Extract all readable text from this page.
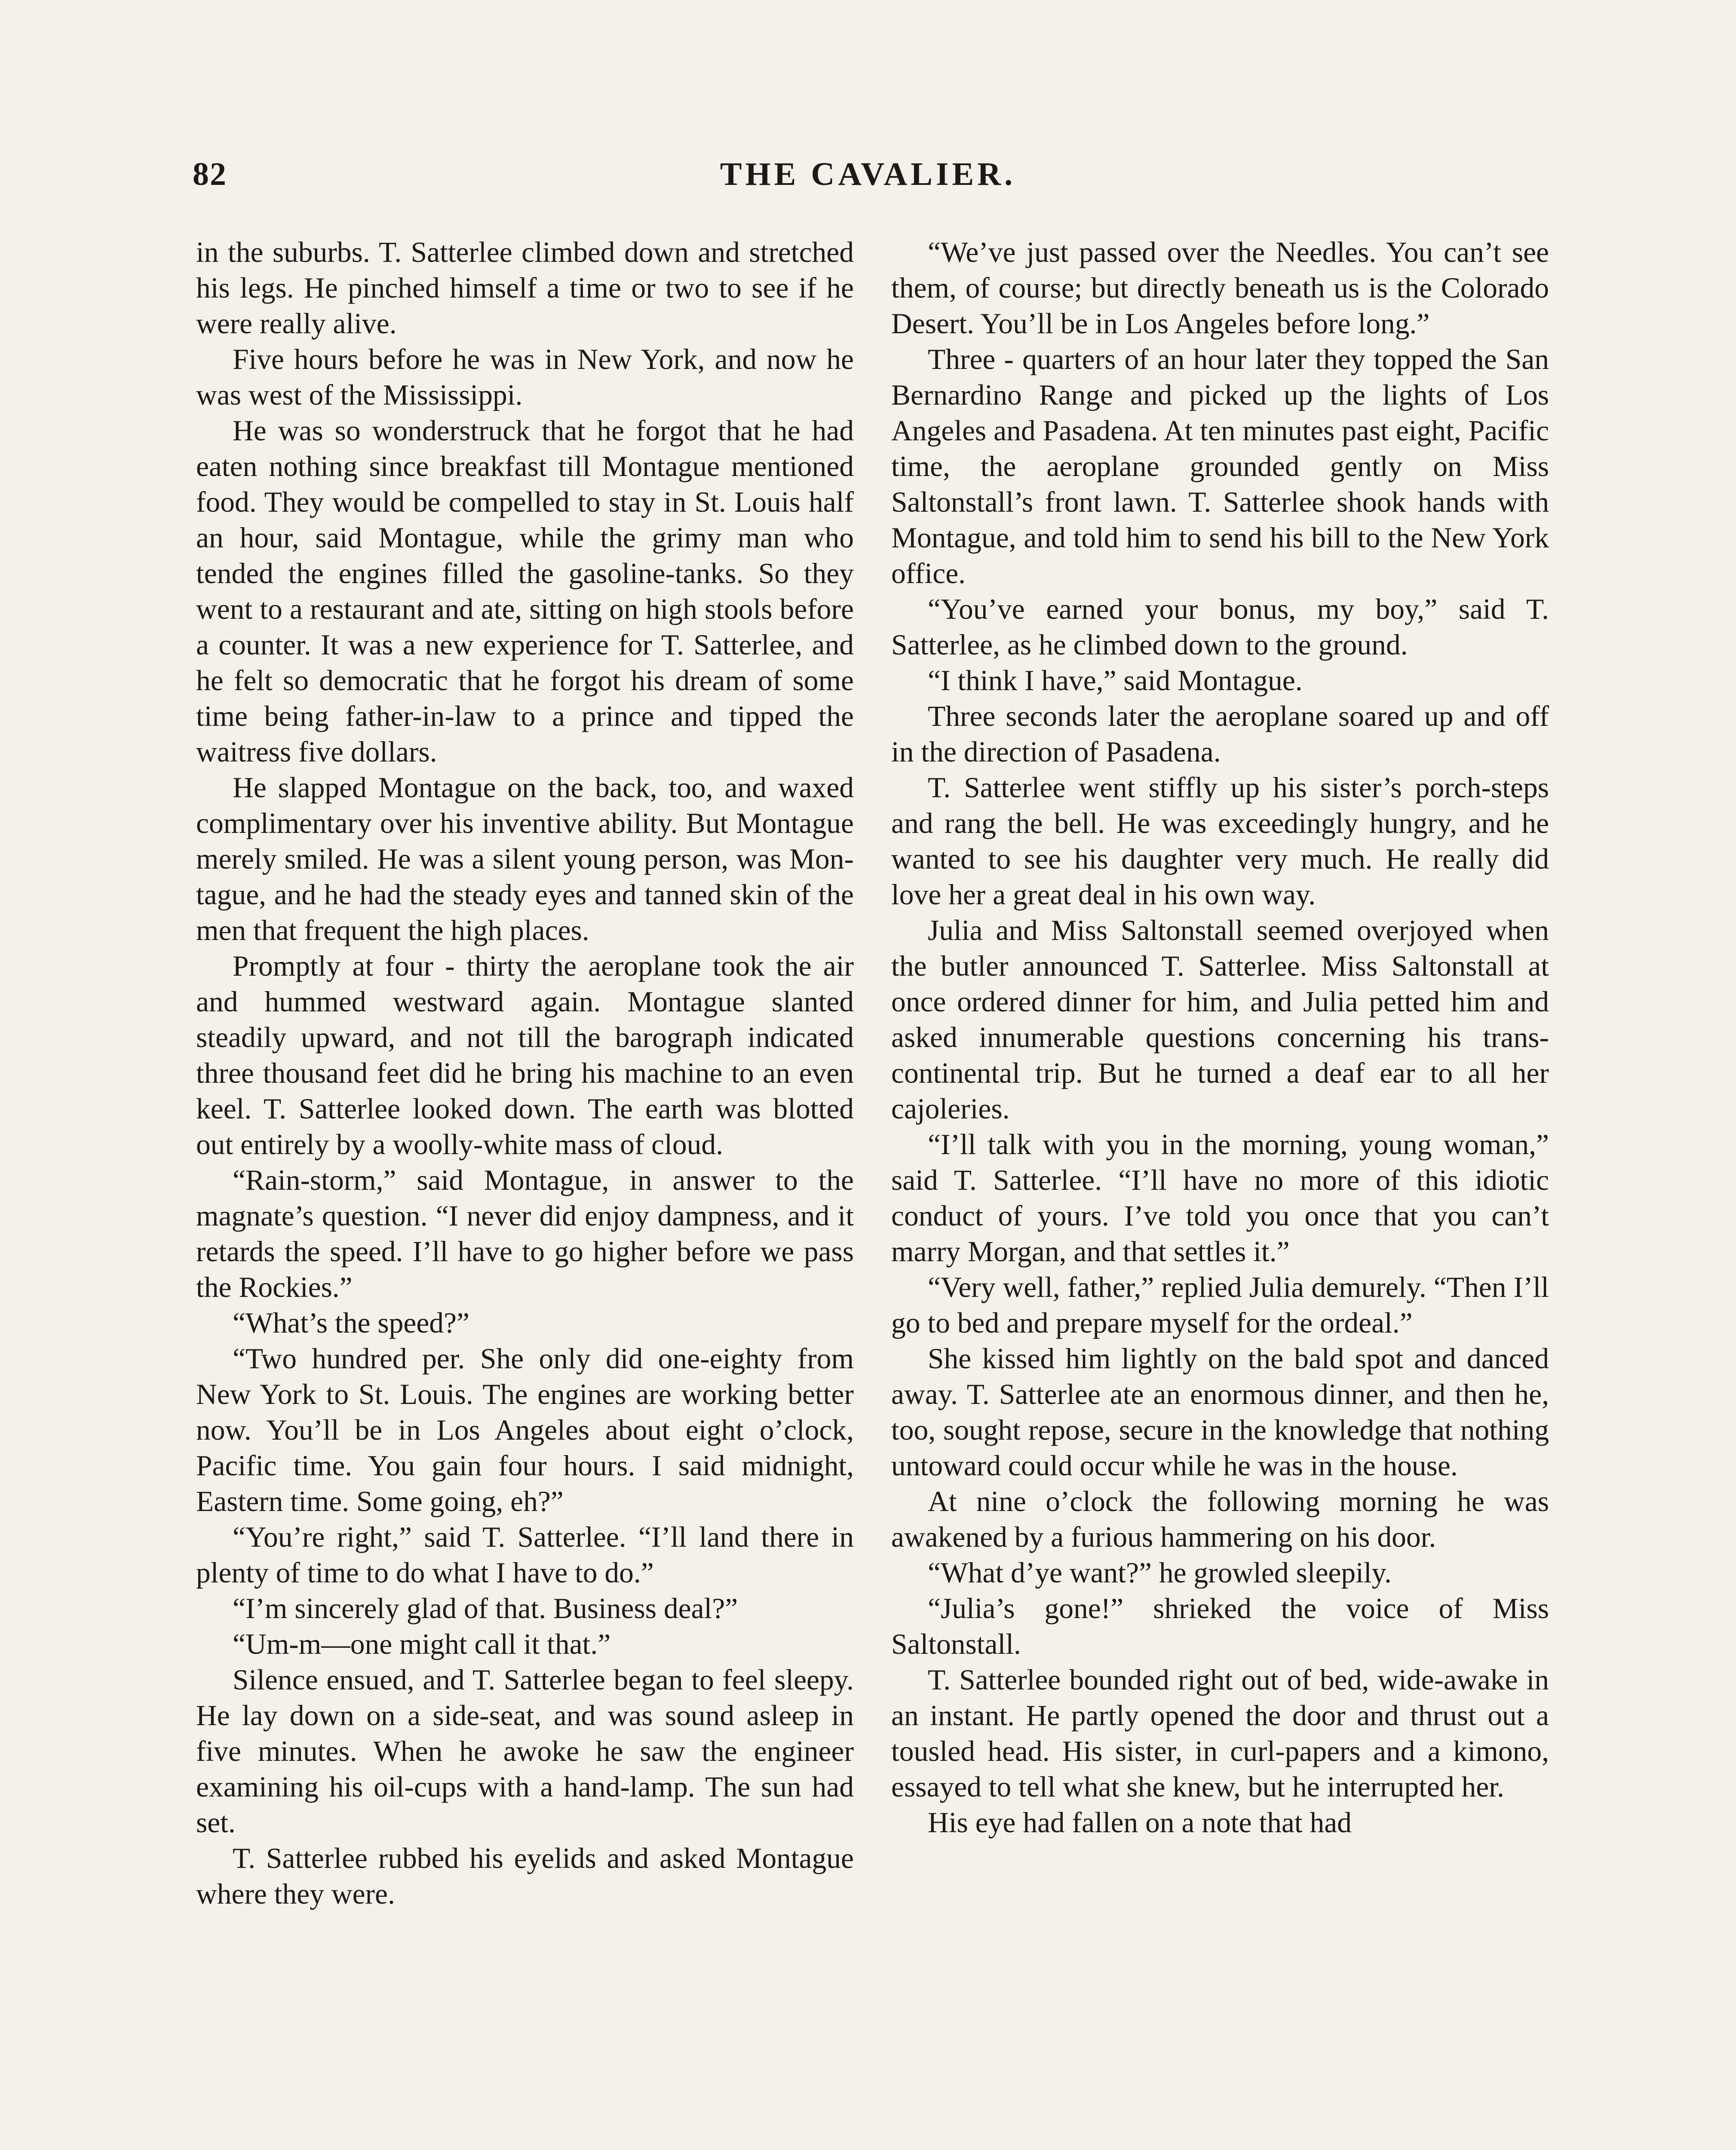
82	THE CAVALIER.

in the suburbs. T. Satterlee climbed down and stretched his legs. He pinched himself a time or two to see if he were really alive.

Five hours before he was in New York, and now he was west of the Mississippi.

He was so wonderstruck that he forgot that he had eaten nothing since breakfast till Montague mentioned food. They would be compelled to stay in St. Louis half an hour, said Montague, while the grimy man who tended the engines filled the gasoline-tanks. So they went to a restaurant and ate, sitting on high stools before a counter. It was a new experience for T. Satterlee, and he felt so democratic that he forgot his dream of some time being father-in-law to a prince and tipped the waitress five dollars.

He slapped Montague on the back, too, and waxed complimentary over his inventive ability. But Montague merely smiled. He was a silent young person, was Montague, and he had the steady eyes and tanned skin of the men that frequent the high places.

Promptly at four - thirty the aeroplane took the air and hummed westward again. Montague slanted steadily upward, and not till the barograph indicated three thousand feet did he bring his machine to an even keel. T. Satterlee looked down. The earth was blotted out entirely by a woolly-white mass of cloud.

“Rain-storm,” said Montague, in answer to the magnate’s question. “I never did enjoy dampness, and it retards the speed. I’ll have to go higher before we pass the Rockies.”

“What’s the speed?”

“Two hundred per. She only did one-eighty from New York to St. Louis. The engines are working better now. You’ll be in Los Angeles about eight o’clock, Pacific time. You gain four hours. I said midnight, Eastern time. Some going, eh?”

“You’re right,” said T. Satterlee. “I’ll land there in plenty of time to do what I have to do.”

“I’m sincerely glad of that. Business deal?”

“Um-m—one might call it that.”

Silence ensued, and T. Satterlee began to feel sleepy. He lay down on a side-seat, and was sound asleep in five minutes. When he awoke he saw the engineer examining his oil-cups with a hand-lamp. The sun had set.

T. Satterlee rubbed his eyelids and asked Montague where they were.

“We’ve just passed over the Needles. You can’t see them, of course; but directly beneath us is the Colorado Desert. You’ll be in Los Angeles before long.”

Three - quarters of an hour later they topped the San Bernardino Range and picked up the lights of Los Angeles and Pasadena. At ten minutes past eight, Pacific time, the aeroplane grounded gently on Miss Saltonstall’s front lawn. T. Satterlee shook hands with Montague, and told him to send his bill to the New York office.

“You’ve earned your bonus, my boy,” said T. Satterlee, as he climbed down to the ground.

“I think I have,” said Montague.

Three seconds later the aeroplane soared up and off in the direction of Pasadena.

T. Satterlee went stiffly up his sister’s porch-steps and rang the bell. He was exceedingly hungry, and he wanted to see his daughter very much. He really did love her a great deal in his own way.

Julia and Miss Saltonstall seemed overjoyed when the butler announced T. Satterlee. Miss Saltonstall at once ordered dinner for him, and Julia petted him and asked innumerable questions concerning his transcontinental trip. But he turned a deaf ear to all her cajoleries.

“I’ll talk with you in the morning, young woman,” said T. Satterlee. “I’ll have no more of this idiotic conduct of yours. I’ve told you once that you can’t marry Morgan, and that settles it.”

“Very well, father,” replied Julia demurely. “Then I’ll go to bed and prepare myself for the ordeal.”

She kissed him lightly on the bald spot and danced away. T. Satterlee ate an enormous dinner, and then he, too, sought repose, secure in the knowledge that nothing untoward could occur while he was in the house.

At nine o’clock the following morning he was awakened by a furious hammering on his door.

“What d’ye want?” he growled sleepily.

“Julia’s gone!” shrieked the voice of Miss Saltonstall.

T. Satterlee bounded right out of bed, wide-awake in an instant. He partly opened the door and thrust out a tousled head. His sister, in curl-papers and a kimono, essayed to tell what she knew, but he interrupted her.

His eye had fallen on a note that had
